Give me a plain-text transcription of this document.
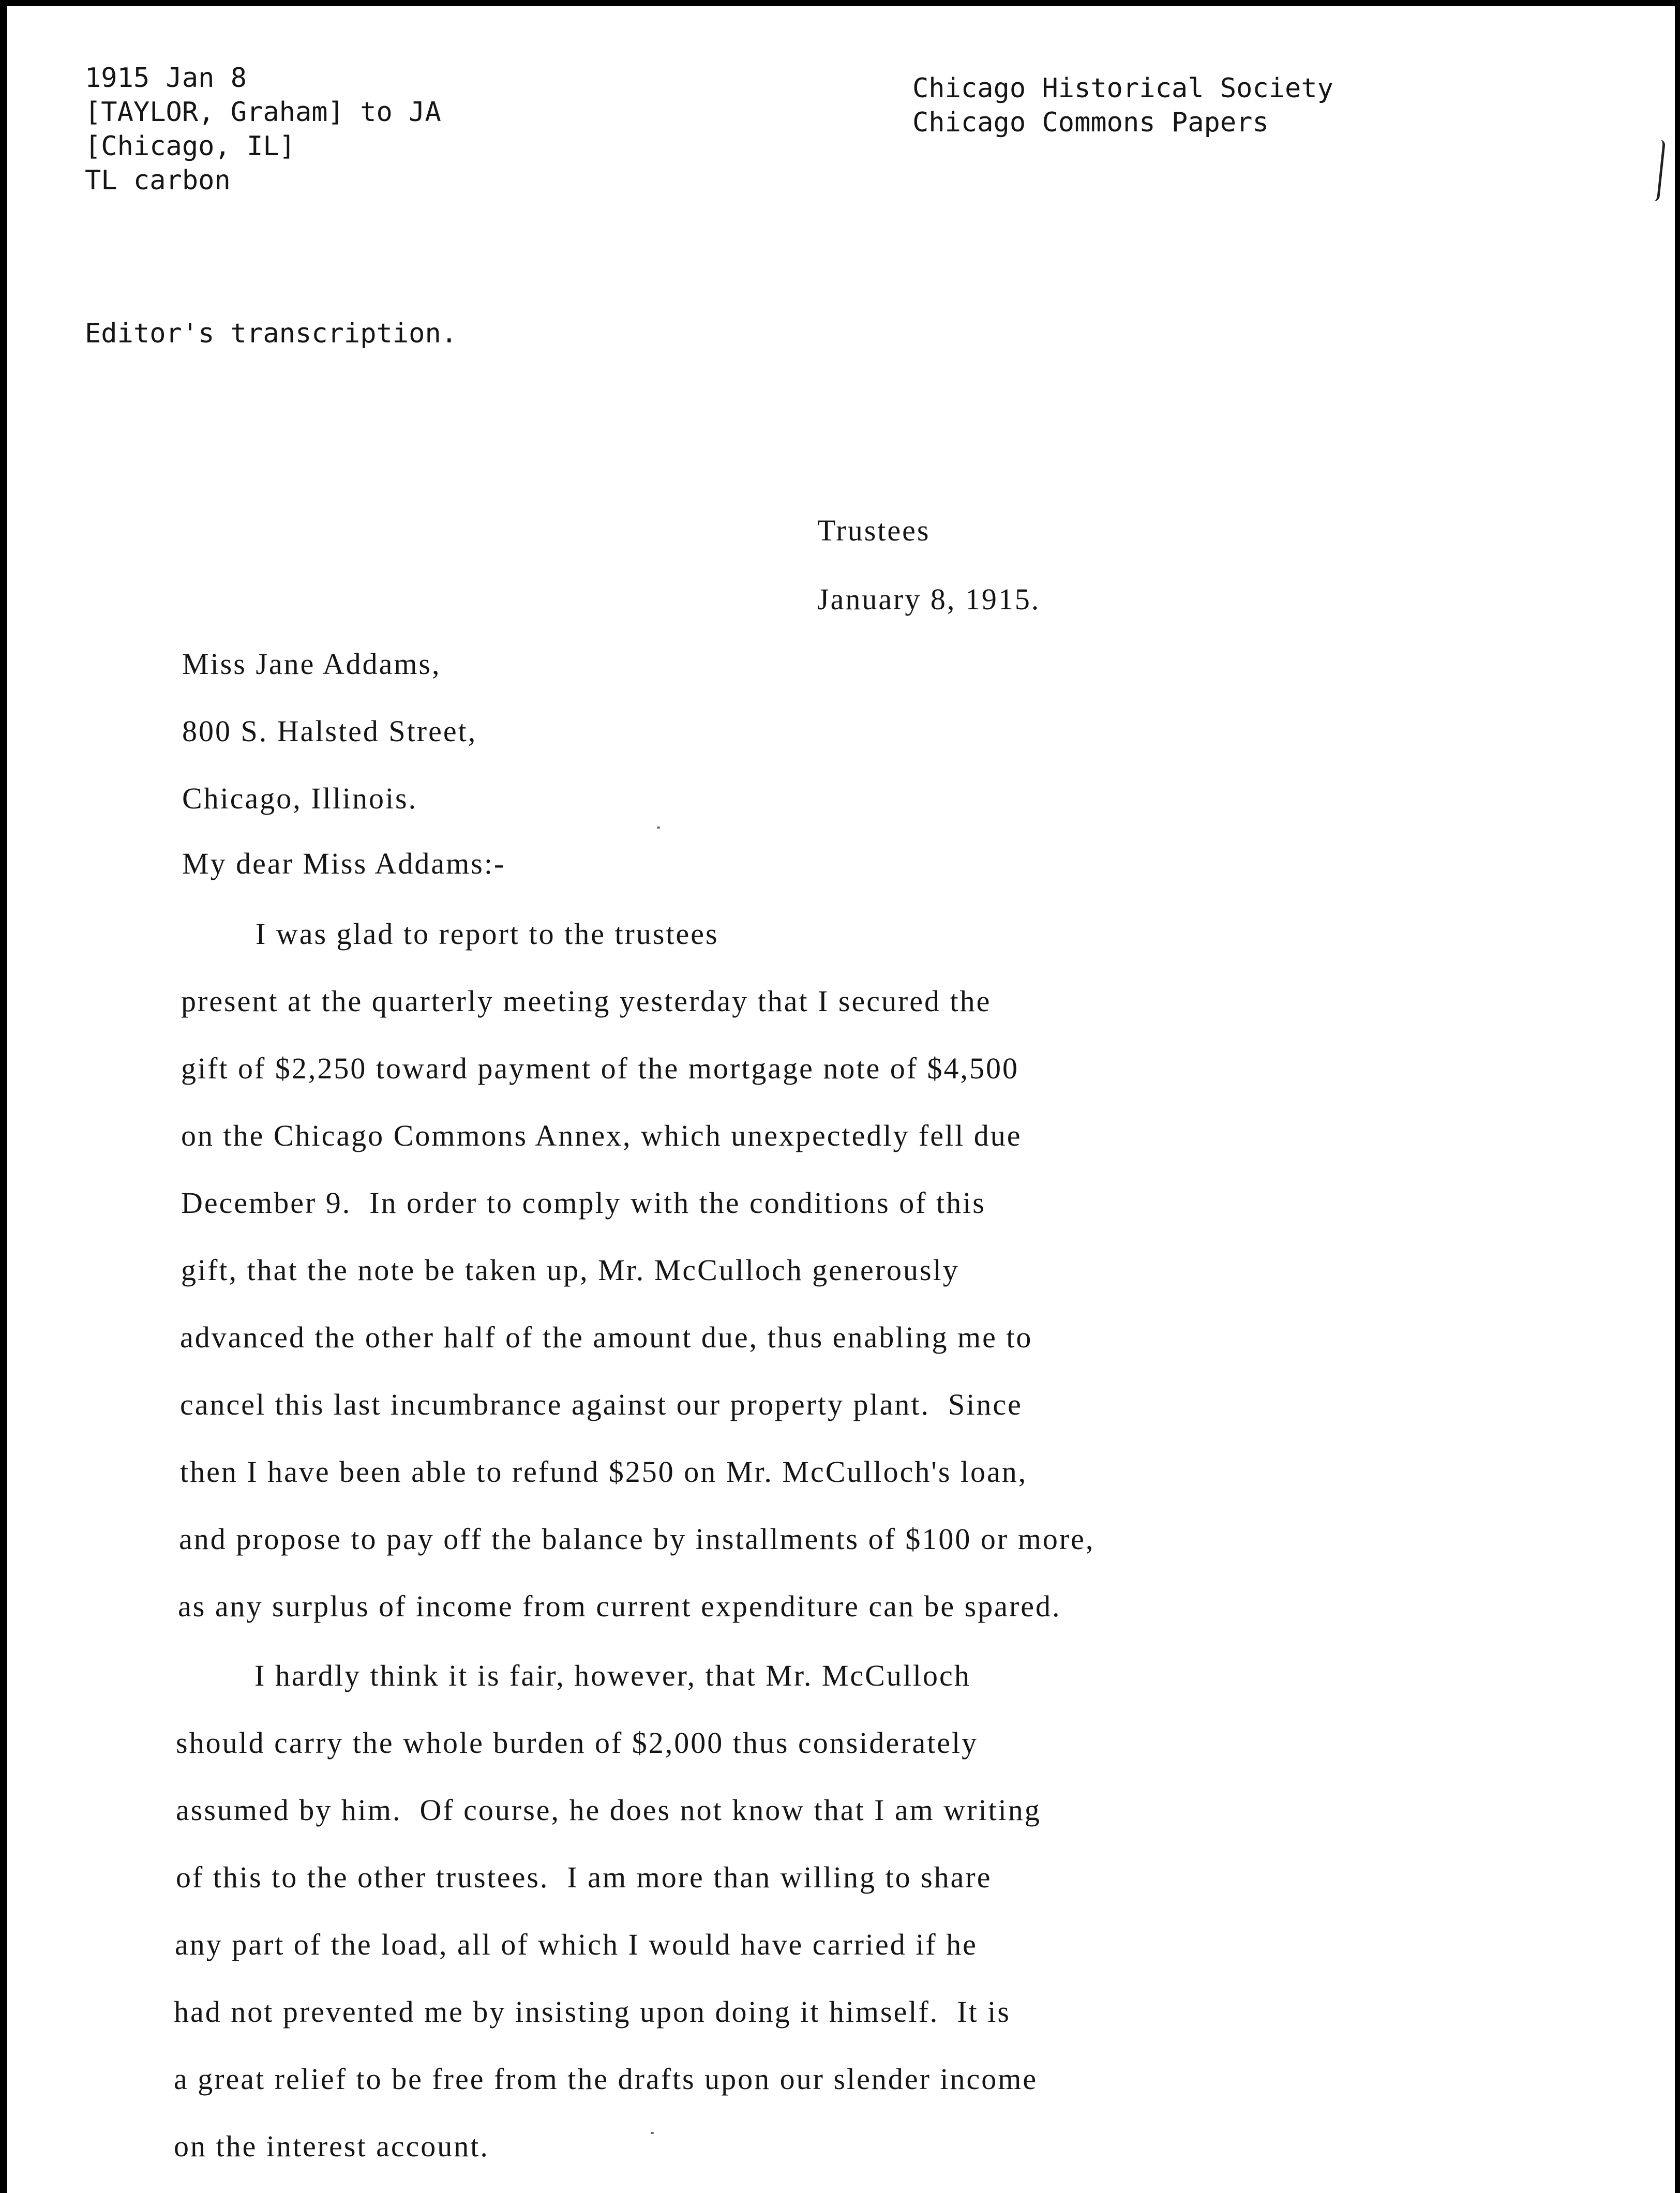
1915 Jan 8
[TAYLOR, Graham] to JA
[Chicago, IL]
TL carbon
Chicago Historical Society
Chicago Commons Papers
Editor's transcription.
Trustees
January 8, 1915.
Miss Jane Addams,
800 S. Halsted Street,
Chicago, Illinois.
My dear Miss Addams:-
I was glad to report to the trustees
present at the quarterly meeting yesterday that I secured the
gift of $2,250 toward payment of the mortgage note of $4,500
on the Chicago Commons Annex, which unexpectedly fell due
December 9.  In order to comply with the conditions of this
gift, that the note be taken up, Mr. McCulloch generously
advanced the other half of the amount due, thus enabling me to
cancel this last incumbrance against our property plant.  Since
then I have been able to refund $250 on Mr. McCulloch's loan,
and propose to pay off the balance by installments of $100 or more,
as any surplus of income from current expenditure can be spared.
I hardly think it is fair, however, that Mr. McCulloch
should carry the whole burden of $2,000 thus considerately
assumed by him.  Of course, he does not know that I am writing
of this to the other trustees.  I am more than willing to share
any part of the load, all of which I would have carried if he
had not prevented me by insisting upon doing it himself.  It is
a great relief to be free from the drafts upon our slender income
on the interest account.
